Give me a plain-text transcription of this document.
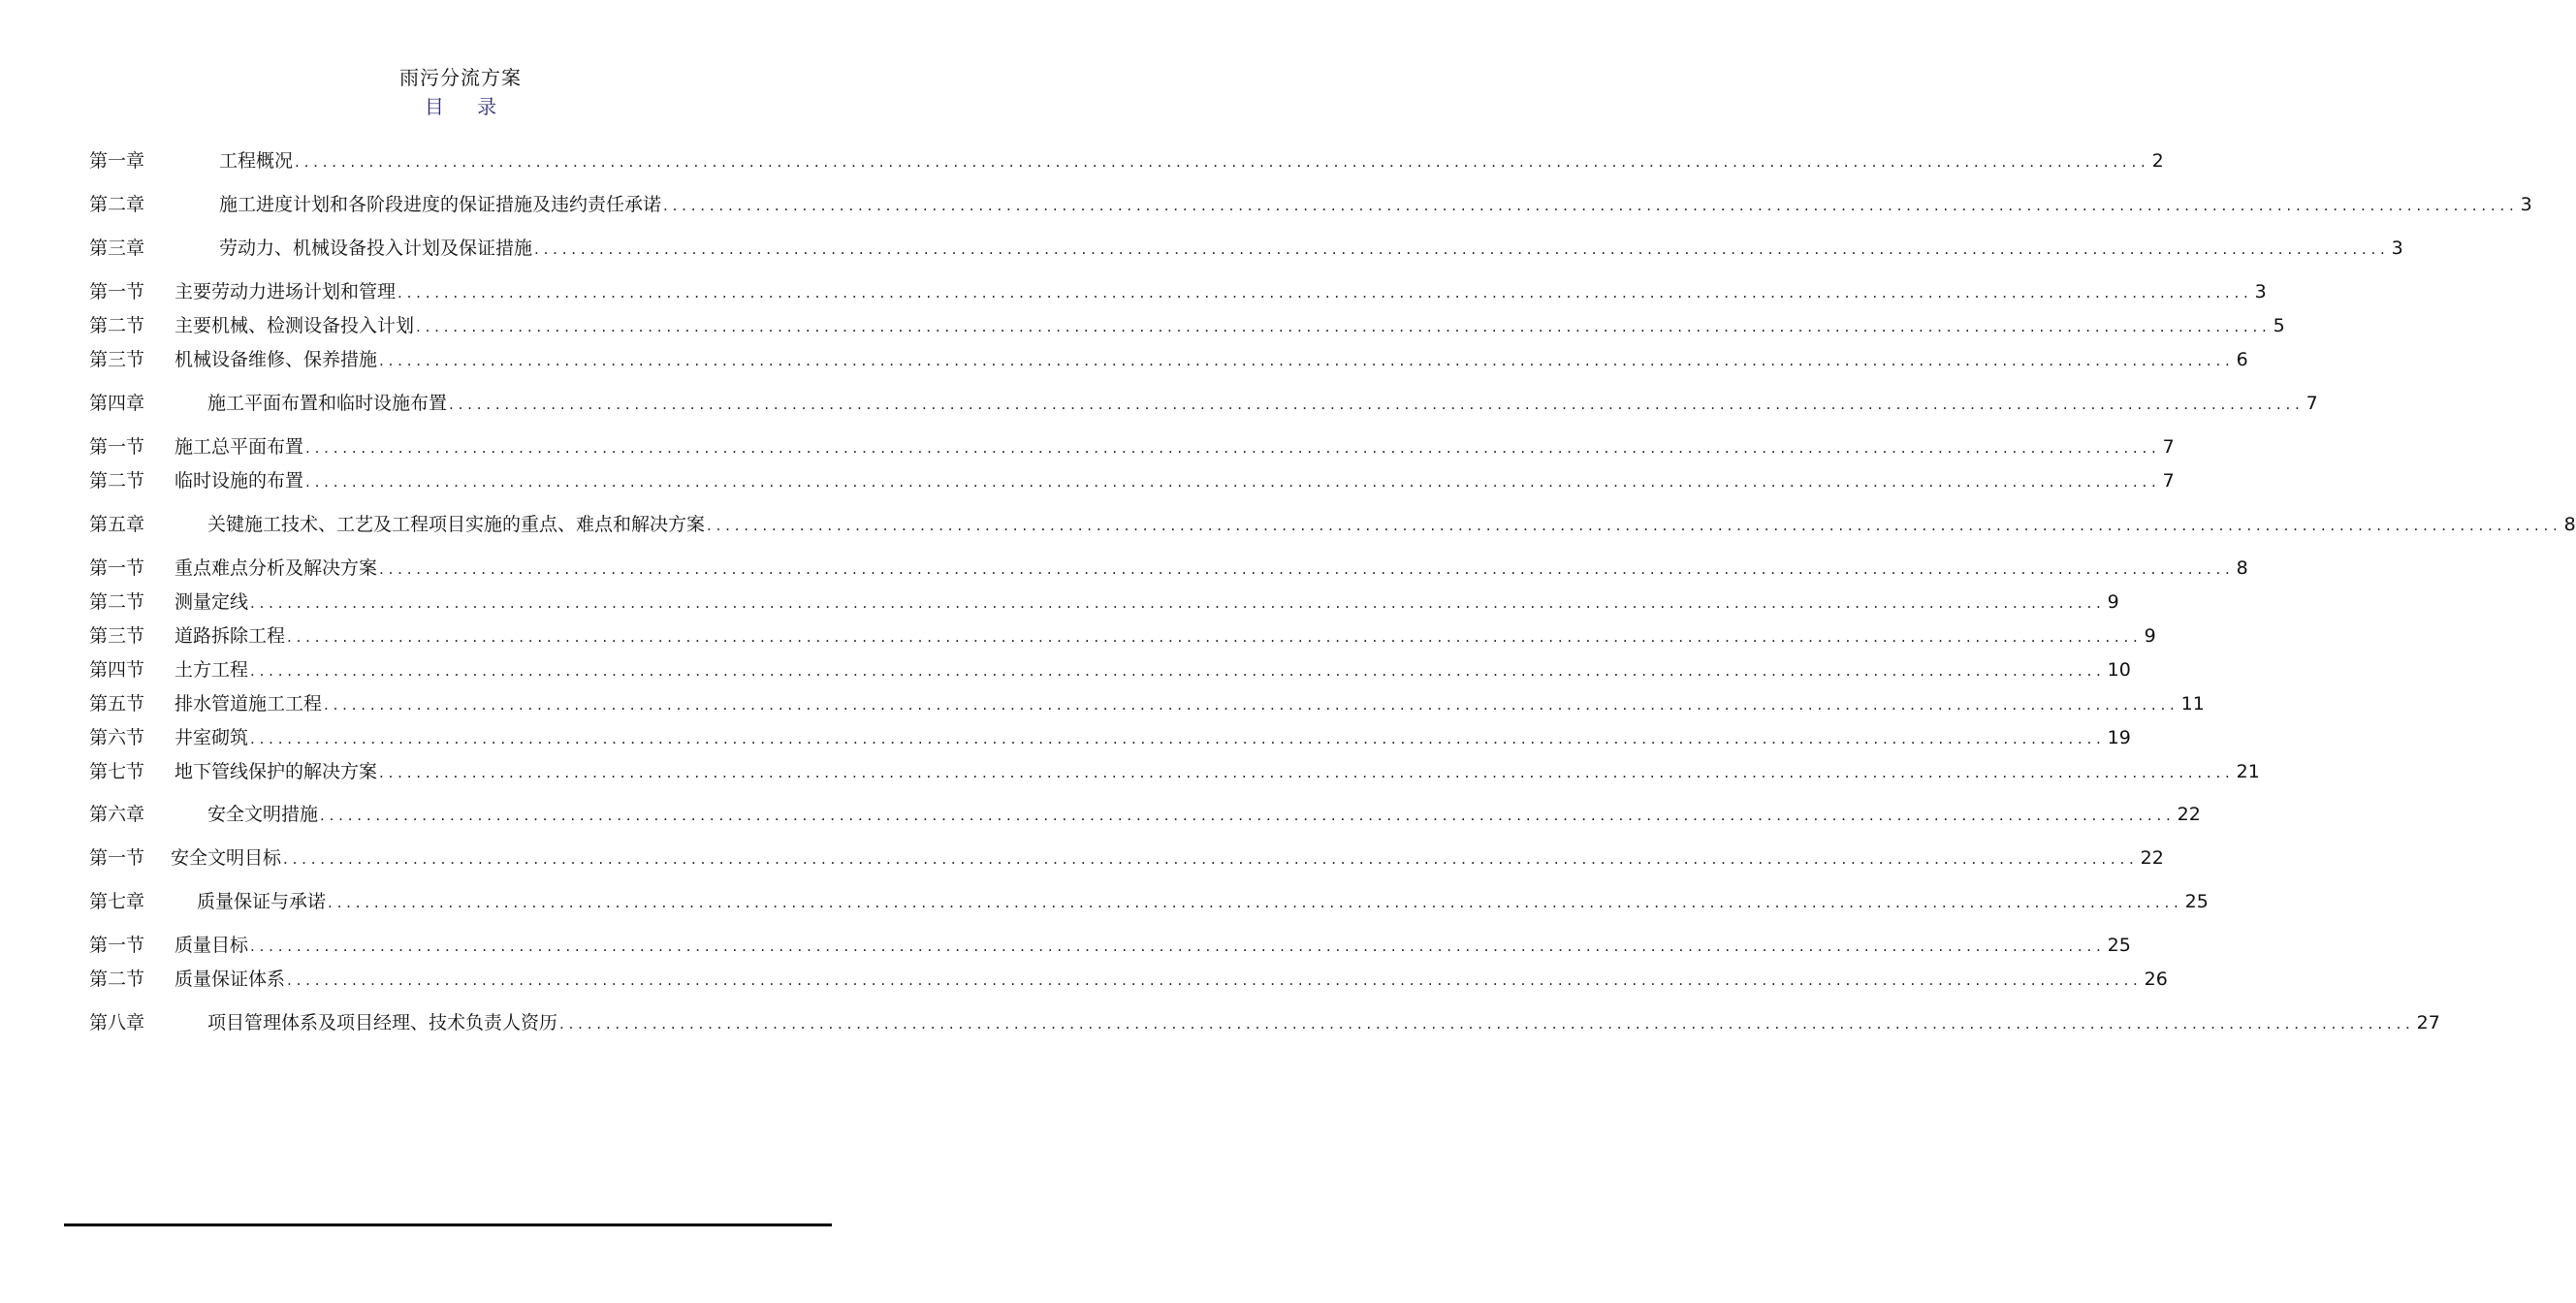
雨污分流方案
目 录
第一章	工程概况 ........................................................................................................................................................................................................ 2
第二章	施工进度计划和各阶段进度的保证措施及违约责任承诺 ........................................................................................................................................................................................................ 3
第三章	劳动力、机械设备投入计划及保证措施 ........................................................................................................................................................................................................ 3
第一节	主要劳动力进场计划和管理 ........................................................................................................................................................................................................ 3
第二节	主要机械、检测设备投入计划 ........................................................................................................................................................................................................ 5
第三节	机械设备维修、保养措施 ........................................................................................................................................................................................................ 6
第四章	施工平面布置和临时设施布置 ........................................................................................................................................................................................................ 7
第一节	施工总平面布置 ........................................................................................................................................................................................................ 7
第二节	临时设施的布置 ........................................................................................................................................................................................................ 7
第五章	关键施工技术、工艺及工程项目实施的重点、难点和解决方案 ........................................................................................................................................................................................................ 8
第一节	重点难点分析及解决方案 ........................................................................................................................................................................................................ 8
第二节	测量定线 ........................................................................................................................................................................................................ 9
第三节	道路拆除工程 ........................................................................................................................................................................................................ 9
第四节	土方工程 ........................................................................................................................................................................................................ 10
第五节	排水管道施工工程 ........................................................................................................................................................................................................ 11
第六节	井室砌筑 ........................................................................................................................................................................................................ 19
第七节	地下管线保护的解决方案 ........................................................................................................................................................................................................ 21
第六章	安全文明措施 ........................................................................................................................................................................................................ 22
第一节	安全文明目标 ........................................................................................................................................................................................................ 22
第七章	质量保证与承诺 ........................................................................................................................................................................................................ 25
第一节	质量目标 ........................................................................................................................................................................................................ 25
第二节	质量保证体系 ........................................................................................................................................................................................................ 26
第八章	项目管理体系及项目经理、技术负责人资历 ........................................................................................................................................................................................................ 27
